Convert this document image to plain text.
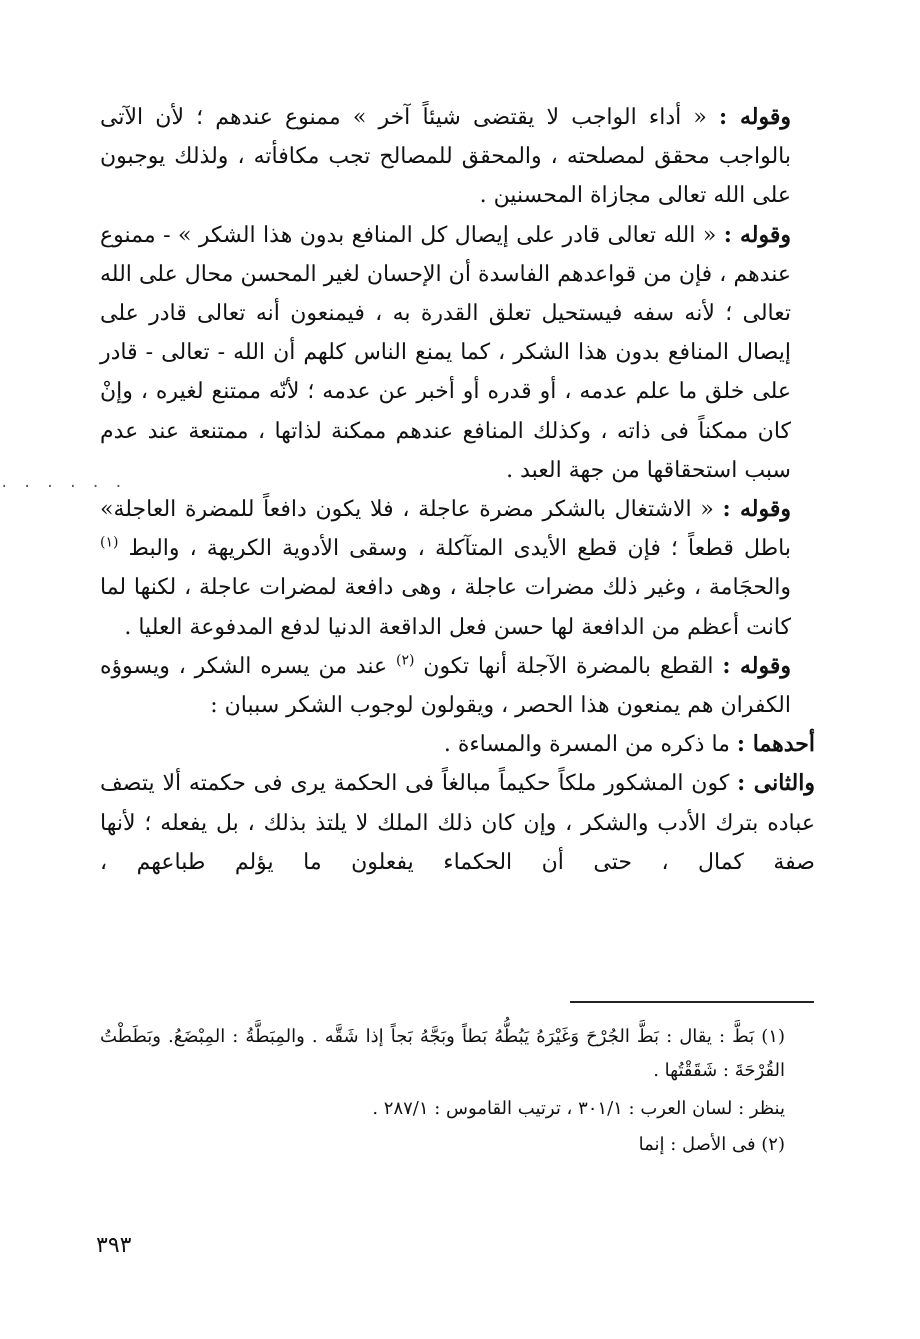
. . . . . .

وقوله : « أداء الواجب لا يقتضى شيئاً آخر » ممنوع عندهم ؛ لأن الآتى بالواجب محقق لمصلحته ، والمحقق للمصالح تجب مكافأته ، ولذلك يوجبون على الله تعالى مجازاة المحسنين .

وقوله : « الله تعالى قادر على إيصال كل المنافع بدون هذا الشكر » - ممنوع عندهم ، فإن من قواعدهم الفاسدة أن الإحسان لغير المحسن محال على الله تعالى ؛ لأنه سفه فيستحيل تعلق القدرة به ، فيمنعون أنه تعالى قادر على إيصال المنافع بدون هذا الشكر ، كما يمنع الناس كلهم أن الله - تعالى - قادر على خلق ما علم عدمه ، أو قدره أو أخبر عن عدمه ؛ لأنّه ممتنع لغيره ، وإنْ كان ممكناً فى ذاته ، وكذلك المنافع عندهم ممكنة لذاتها ، ممتنعة عند عدم سبب استحقاقها من جهة العبد .

وقوله : « الاشتغال بالشكر مضرة عاجلة ، فلا يكون دافعاً للمضرة العاجلة» باطل قطعاً ؛ فإن قطع الأيدى المتآكلة ، وسقى الأدوية الكريهة ، والبط $^{(١)}$ والحجَامة ، وغير ذلك مضرات عاجلة ، وهى دافعة لمضرات عاجلة ، لكنها لما كانت أعظم من الدافعة لها حسن فعل الداقعة الدنيا لدفع المدفوعة العليا .

وقوله : القطع بالمضرة الآجلة أنها تكون $^{(٢)}$ عند من يسره الشكر ، ويسوؤه الكفران هم يمنعون هذا الحصر ، ويقولون لوجوب الشكر سببان :

أحدهما : ما ذكره من المسرة والمساءة .

والثانى : كون المشكور ملكاً حكيماً مبالغاً فى الحكمة يرى فى حكمته ألا يتصف عباده بترك الأدب والشكر ، وإن كان ذلك الملك لا يلتذ بذلك ، بل يفعله ؛ لأنها صفة كمال ، حتى أن الحكماء يفعلون ما يؤلم طباعهم ،

(١) بَطَّ : يقال : بَطَّ الجُرْحَ وَغَيْرَهُ يَبُطُّهُ بَطاً وبَجَّهُ بَجاً إذا شَقَّه . والمِبَطَّةُ : المِبْضَعُ. وبَطَطْتُ القُرْحَةَ : شَقَقْتُها .

ينظر : لسان العرب : ٣٠١/١ ، ترتيب القاموس : ٢٨٧/١ .

(٢) فى الأصل : إنما

٣٩٣
